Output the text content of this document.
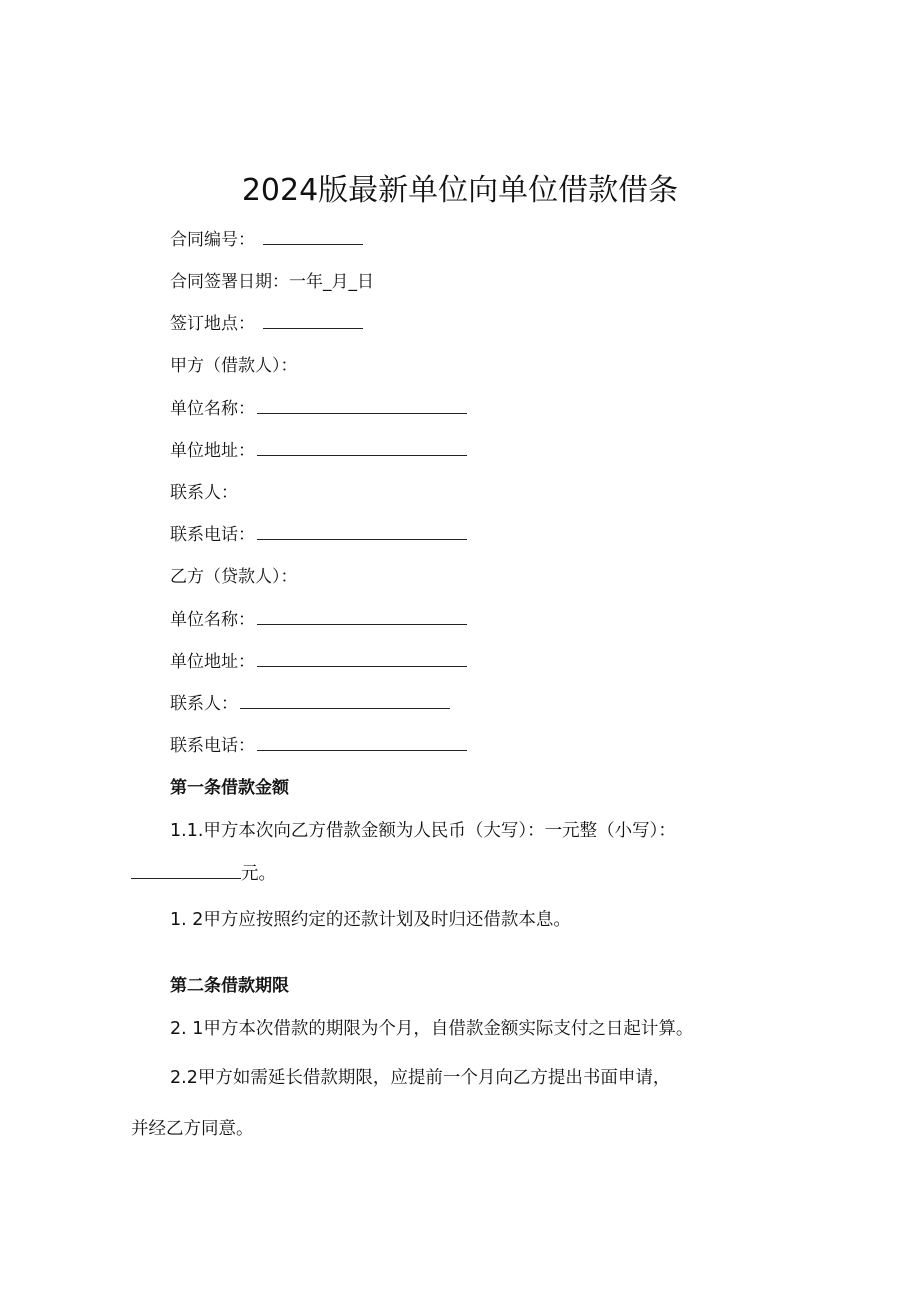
2024版最新单位向单位借款借条
合同编号：
合同签署日期：一年_月_日
签订地点：
甲方（借款人）：
单位名称：
单位地址：
联系人：
联系电话：
乙方（贷款人）：
单位名称：
单位地址：
联系人：
联系电话：
第一条借款金额
1.1.甲方本次向乙方借款金额为人民币（大写）：一元整（小写）：
元。
1. 2甲方应按照约定的还款计划及时归还借款本息。
第二条借款期限
2. 1甲方本次借款的期限为个月，自借款金额实际支付之日起计算。
2.2甲方如需延长借款期限，应提前一个月向乙方提出书面申请，
并经乙方同意。
